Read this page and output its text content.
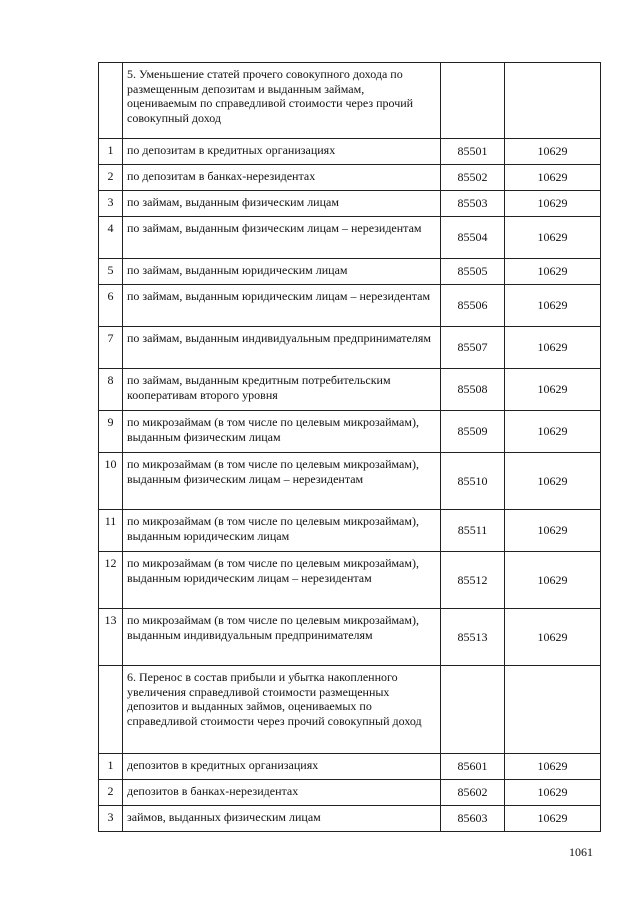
	5. Уменьшение статей прочего совокупного дохода по размещенным депозитам и выданным займам, оцениваемым по справедливой стоимости через прочий совокупный доход		
1	по депозитам в кредитных организациях	85501	10629
2	по депозитам в банках-нерезидентах	85502	10629
3	по займам, выданным физическим лицам	85503	10629
4	по займам, выданным физическим лицам – нерезидентам	85504	10629
5	по займам, выданным юридическим лицам	85505	10629
6	по займам, выданным юридическим лицам – нерезидентам	85506	10629
7	по займам, выданным индивидуальным предпринимателям	85507	10629
8	по займам, выданным кредитным потребительским кооперативам второго уровня	85508	10629
9	по микрозаймам (в том числе по целевым микрозаймам), выданным физическим лицам	85509	10629
10	по микрозаймам (в том числе по целевым микрозаймам), выданным физическим лицам – нерезидентам	85510	10629
11	по микрозаймам (в том числе по целевым микрозаймам), выданным юридическим лицам	85511	10629
12	по микрозаймам (в том числе по целевым микрозаймам), выданным юридическим лицам – нерезидентам	85512	10629
13	по микрозаймам (в том числе по целевым микрозаймам), выданным индивидуальным предпринимателям	85513	10629
	6. Перенос в состав прибыли и убытка накопленного увеличения справедливой стоимости размещенных депозитов и выданных займов, оцениваемых по справедливой стоимости через прочий совокупный доход		
1	депозитов в кредитных организациях	85601	10629
2	депозитов в банках-нерезидентах	85602	10629
3	займов, выданных физическим лицам	85603	10629
1061
